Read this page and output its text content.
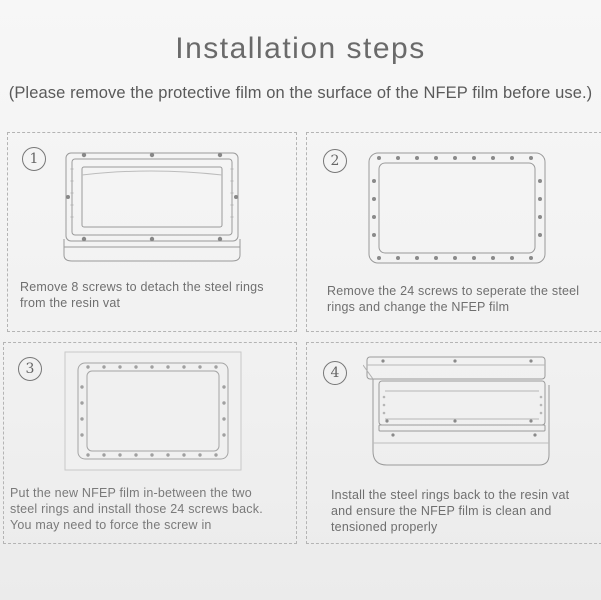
Installation steps
(Please remove the protective film on the surface of the NFEP film before use.)
1
Remove 8 screws to detach the steel rings
from the resin vat
2
Remove the 24 screws to seperate the steel
rings and change the NFEP film
3
Put the new NFEP film in-between the two
steel rings and install those 24 screws back.
You may need to force the screw in
4
Install the steel rings back to the resin vat
and ensure the NFEP film is clean and
tensioned properly
